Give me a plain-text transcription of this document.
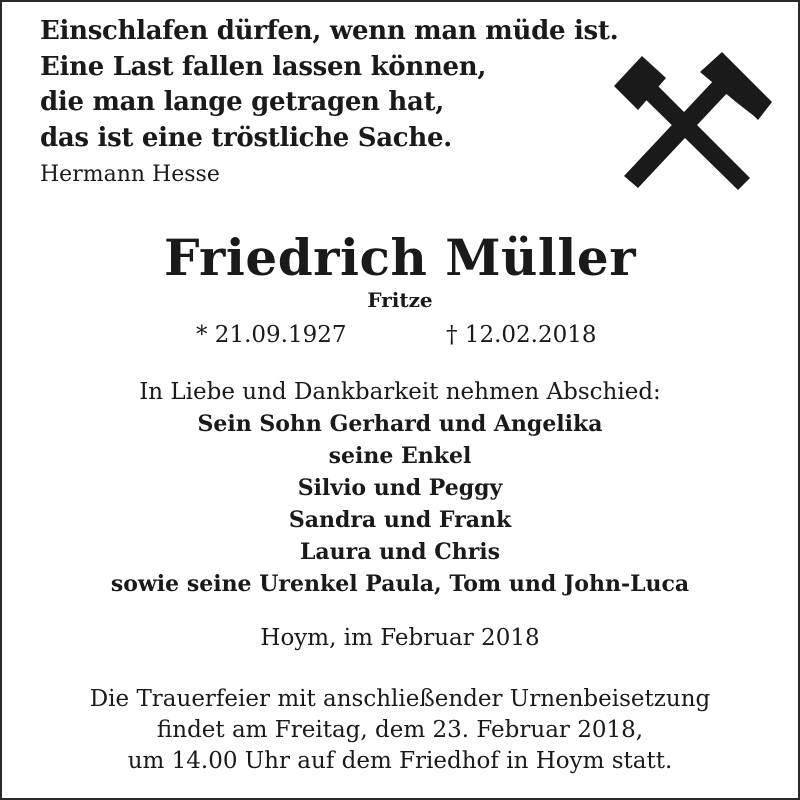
Einschlafen dürfen, wenn man müde ist.
Eine Last fallen lassen können,
die man lange getragen hat,
das ist eine tröstliche Sache.
Hermann Hesse
Friedrich Müller
Fritze
* 21.09.1927	† 12.02.2018
In Liebe und Dankbarkeit nehmen Abschied:
Sein Sohn Gerhard und Angelika
seine Enkel
Silvio und Peggy
Sandra und Frank
Laura und Chris
sowie seine Urenkel Paula, Tom und John-Luca
Hoym, im Februar 2018
Die Trauerfeier mit anschließender Urnenbeisetzung
findet am Freitag, dem 23. Februar 2018,
um 14.00 Uhr auf dem Friedhof in Hoym statt.
